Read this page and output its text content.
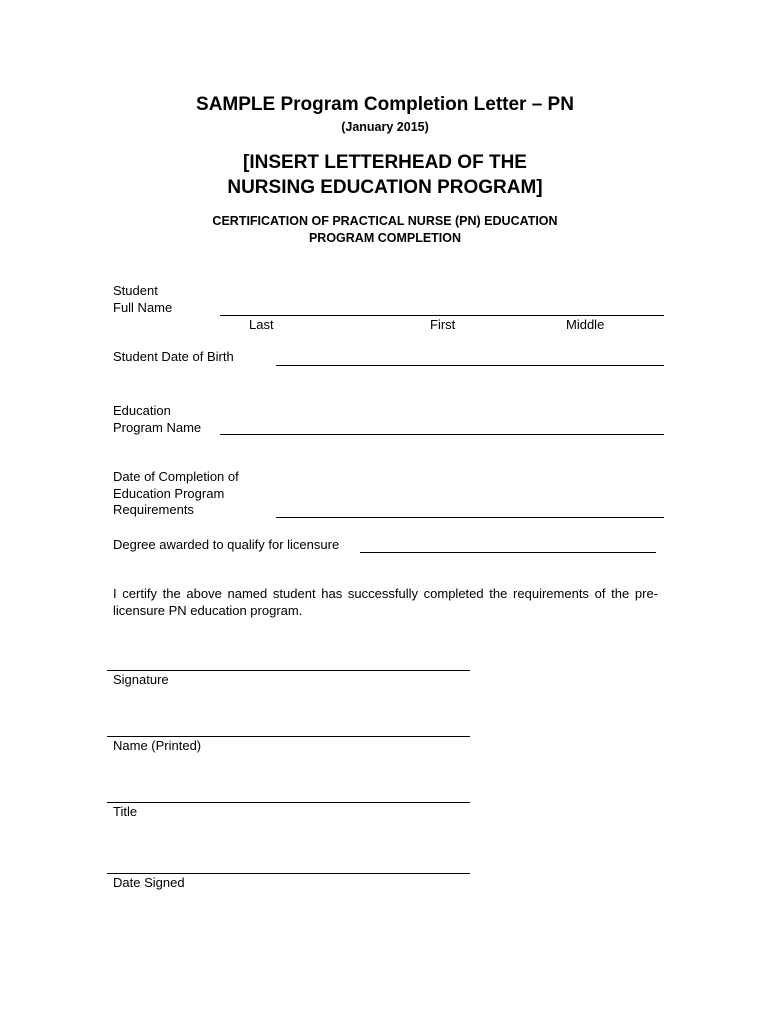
SAMPLE Program Completion Letter – PN
(January 2015)
[INSERT LETTERHEAD OF THE
NURSING EDUCATION PROGRAM]
CERTIFICATION OF PRACTICAL NURSE (PN) EDUCATION
PROGRAM COMPLETION
Student
Full Name
Last	First	Middle
Student Date of Birth
Education
Program Name
Date of Completion of
Education Program
Requirements
Degree awarded to qualify for licensure
I certify the above named student has successfully completed the requirements of the pre-licensure PN education program.
Signature
Name (Printed)
Title
Date Signed
